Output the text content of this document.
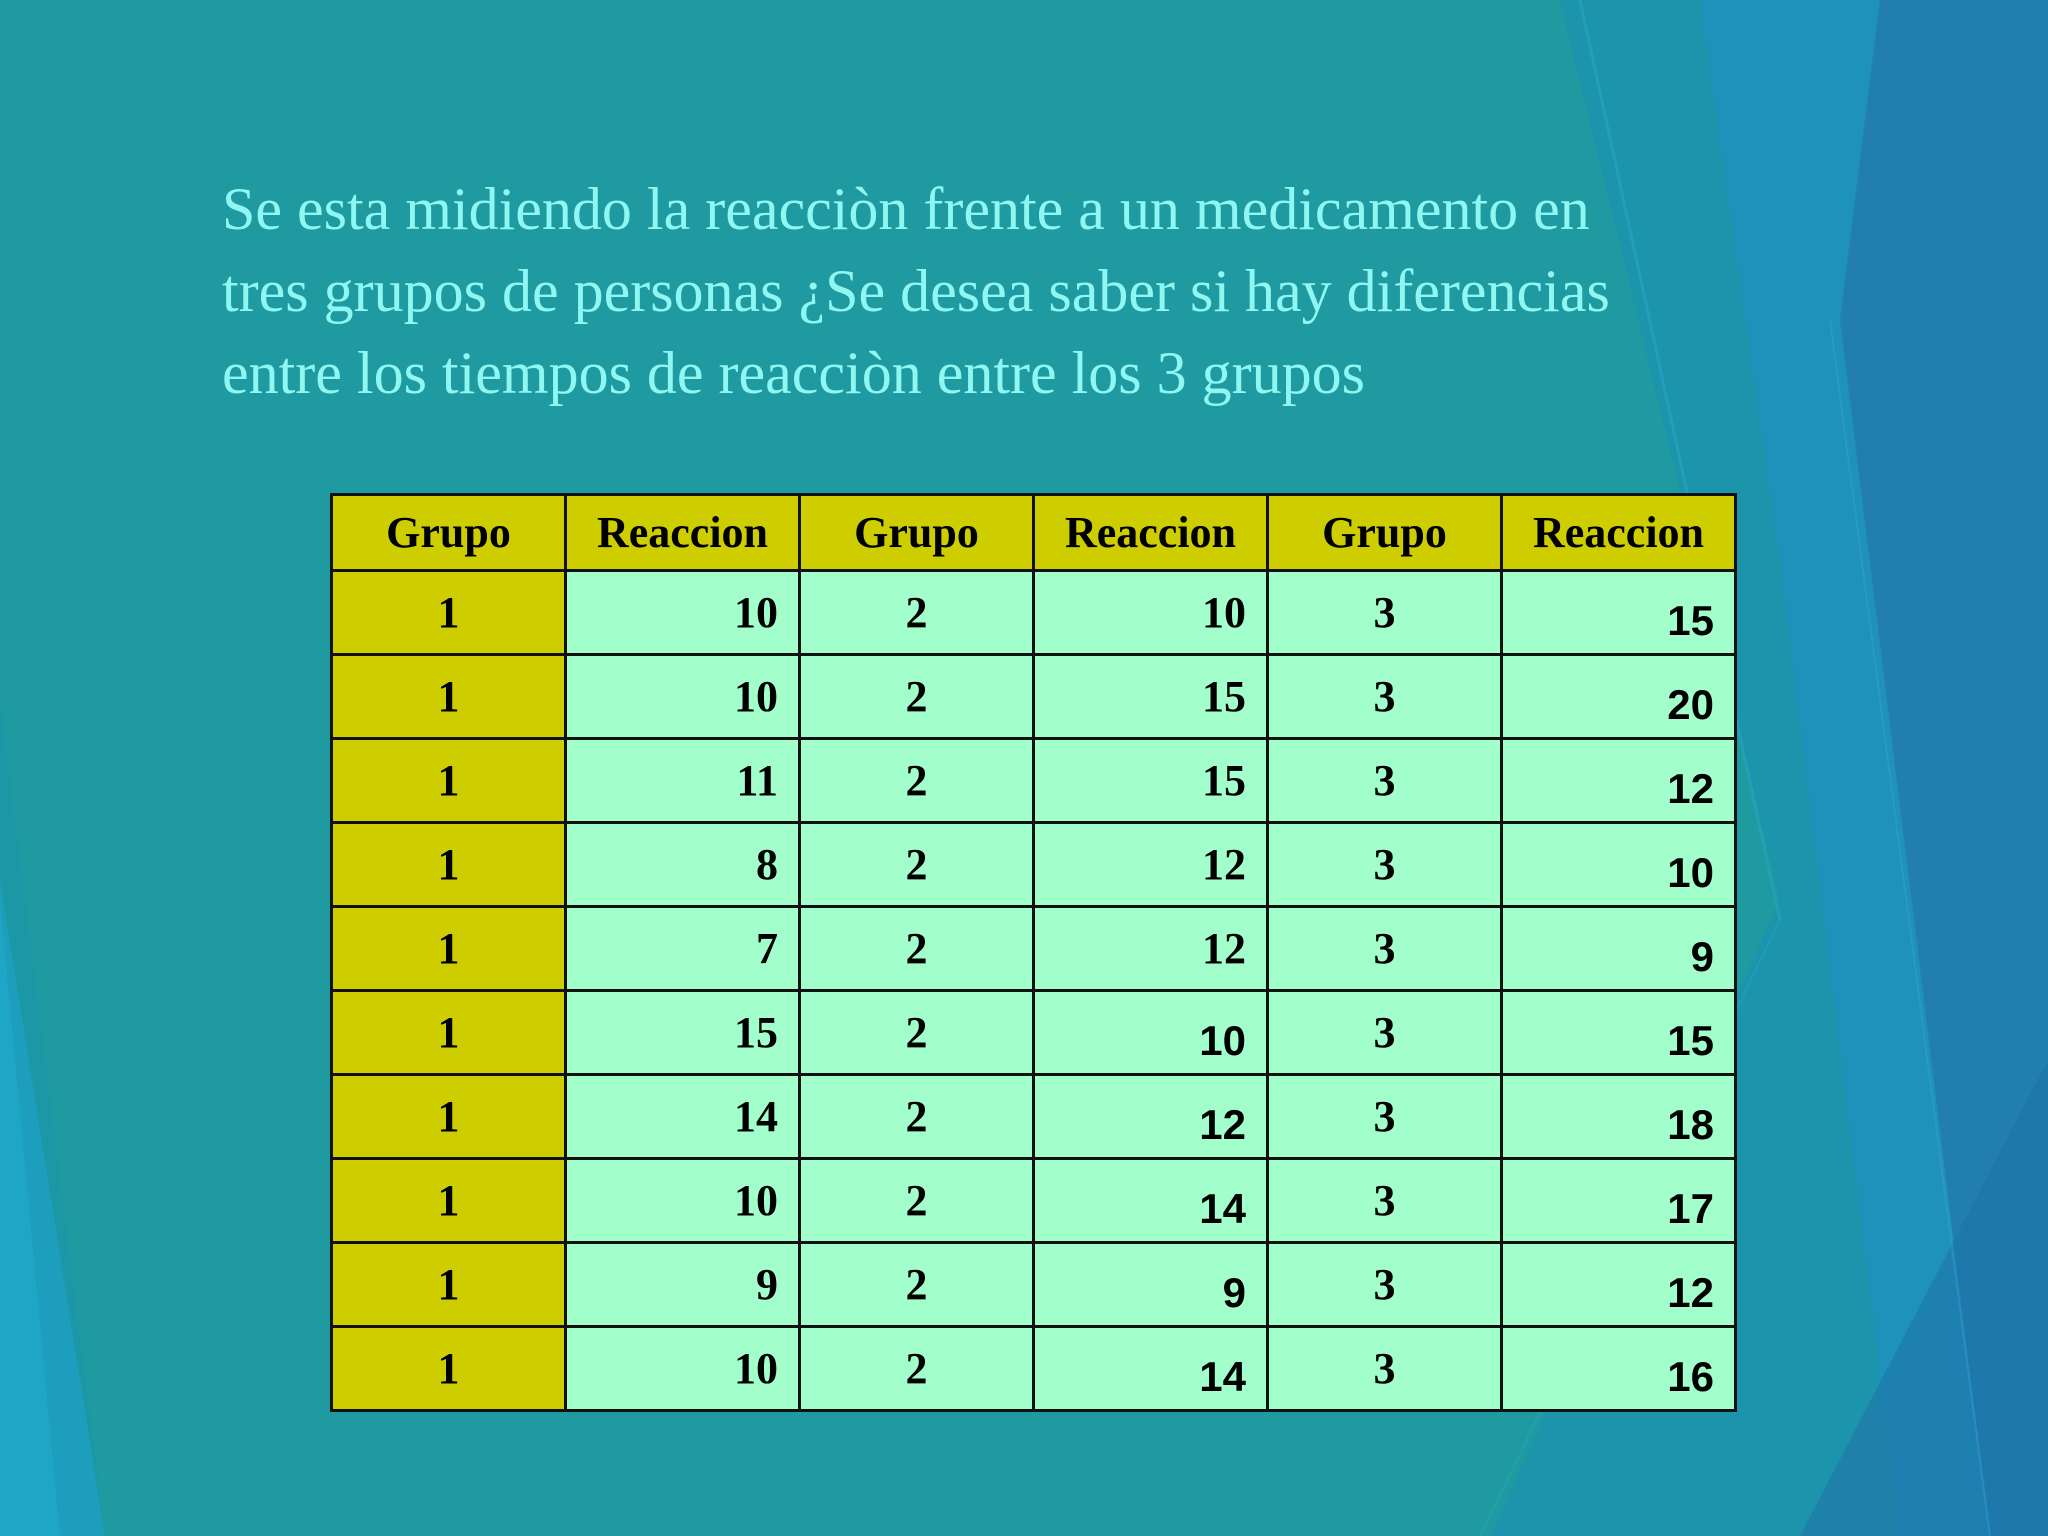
Se esta midiendo la reacciòn frente a un medicamento en
tres grupos de personas ¿Se desea saber si hay diferencias
entre los tiempos de reacciòn entre los 3 grupos
Grupo	Reaccion	Grupo	Reaccion	Grupo	Reaccion
1	10	2	10	3	15
1	10	2	15	3	20
1	11	2	15	3	12
1	8	2	12	3	10
1	7	2	12	3	9
1	15	2	10	3	15
1	14	2	12	3	18
1	10	2	14	3	17
1	9	2	9	3	12
1	10	2	14	3	16
